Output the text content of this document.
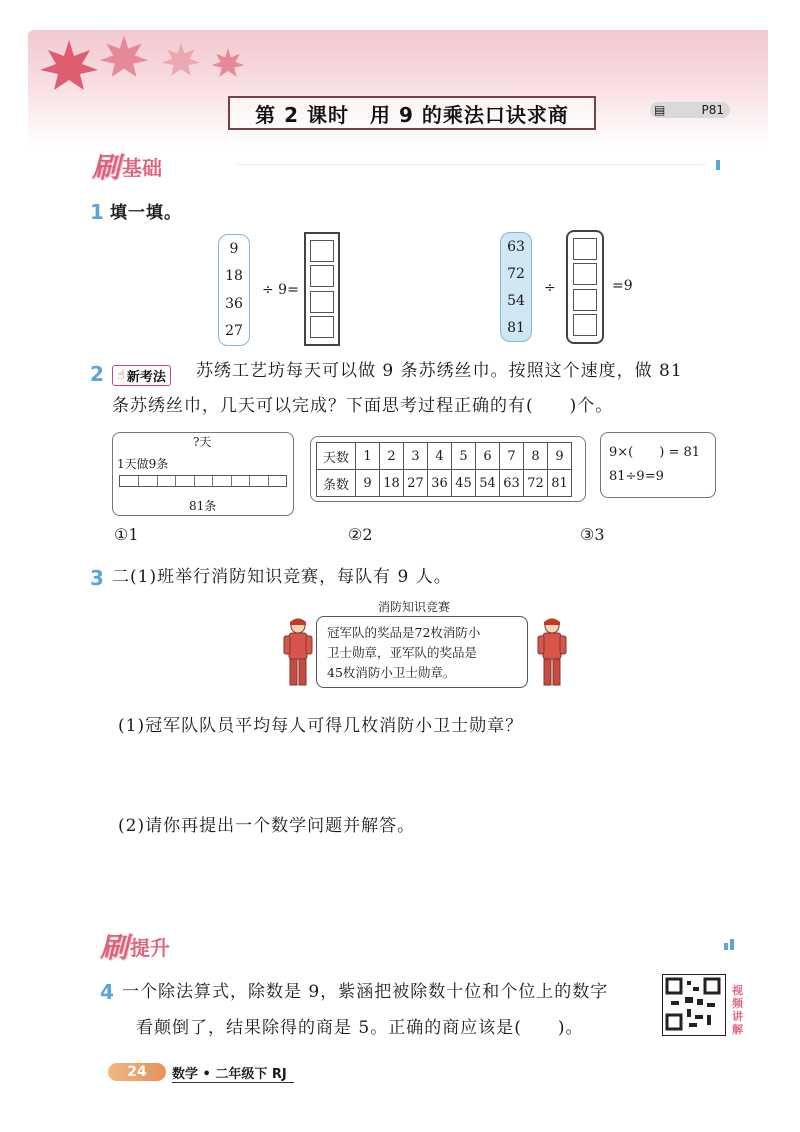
第 2 课时　用 9 的乘法口诀求商	▤	P81
刷 基础
1 填一填。
9
18
36
27
÷ 9=
63
72
54
81
÷	=9
2 ☝ 新考法 苏绣工艺坊每天可以做 9 条苏绣丝巾。按照这个速度，做 81
条苏绣丝巾，几天可以完成？下面思考过程正确的有(　　)个。
?天
1天做9条
81条
天数	1	2	3	4	5	6	7	8	9
条数	9	18	27	36	45	54	63	72	81
9×(　　) = 81
81÷9=9
①1	②2	③3
3 二(1)班举行消防知识竞赛，每队有 9 人。
消防知识竞赛
冠军队的奖品是72枚消防小
卫士勋章，亚军队的奖品是
45枚消防小卫士勋章。
(1)冠军队队员平均每人可得几枚消防小卫士勋章？
(2)请你再提出一个数学问题并解答。
刷 提升
4 一个除法算式，除数是 9，紫涵把被除数十位和个位上的数字
看颠倒了，结果除得的商是 5。正确的商应该是(　　)。
视频讲解
24	数学 • 二年级下 RJ
